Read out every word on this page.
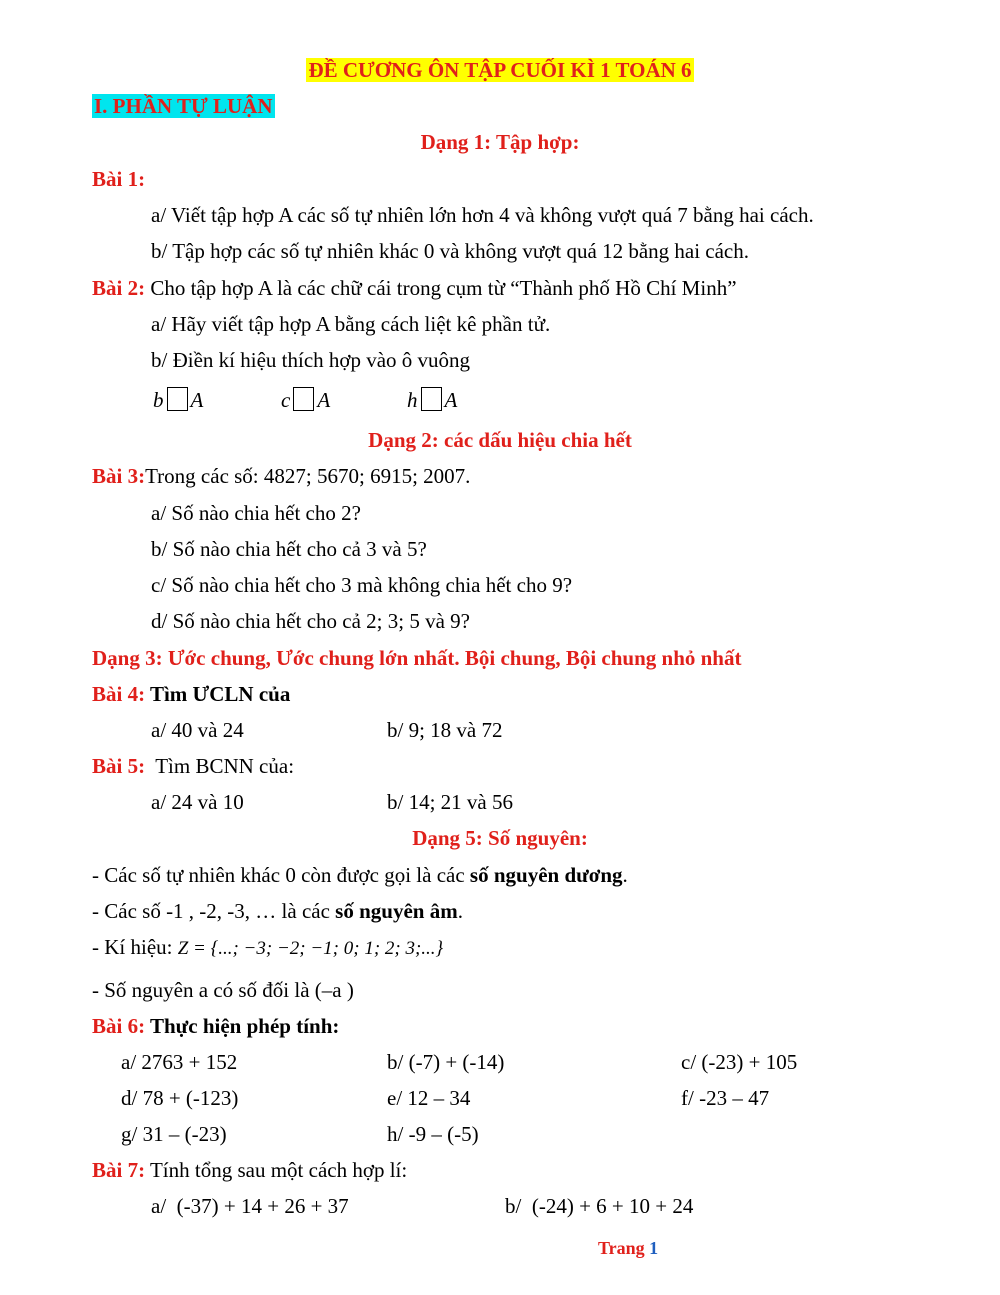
ĐỀ CƯƠNG ÔN TẬP CUỐI KÌ 1 TOÁN 6
I. PHẦN TỰ LUẬN
Dạng 1: Tập hợp:
Bài 1:
a/ Viết tập hợp A các số tự nhiên lớn hơn 4 và không vượt quá 7 bằng hai cách.
b/ Tập hợp các số tự nhiên khác 0 và không vượt quá 12 bằng hai cách.
Bài 2: Cho tập hợp A là các chữ cái trong cụm từ “Thành phố Hồ Chí Minh”
a/ Hãy viết tập hợp A bằng cách liệt kê phần tử.
b/ Điền kí hiệu thích hợp vào ô vuông
b A	c A	h A
Dạng 2: các dấu hiệu chia hết
Bài 3:Trong các số: 4827; 5670; 6915; 2007.
a/ Số nào chia hết cho 2?
b/ Số nào chia hết cho cả 3 và 5?
c/ Số nào chia hết cho 3 mà không chia hết cho 9?
d/ Số nào chia hết cho cả 2; 3; 5 và 9?
Dạng 3: Ước chung, Ước chung lớn nhất. Bội chung, Bội chung nhỏ nhất
Bài 4: Tìm ƯCLN của
a/ 40 và 24	b/ 9; 18 và 72
Bài 5:  Tìm BCNN của:
a/ 24 và 10	b/ 14; 21 và 56
Dạng 5: Số nguyên:
- Các số tự nhiên khác 0 còn được gọi là các số nguyên dương.
- Các số -1 , -2, -3, … là các số nguyên âm.
- Kí hiệu: Z = {...; −3; −2; −1; 0; 1; 2; 3;...}
- Số nguyên a có số đối là (–a )
Bài 6: Thực hiện phép tính:
a/ 2763 + 152	b/ (-7) + (-14)	c/ (-23) + 105
d/ 78 + (-123)	e/ 12 – 34	f/ -23 – 47
g/ 31 – (-23)	h/ -9 – (-5)
Bài 7: Tính tổng sau một cách hợp lí:
a/  (-37) + 14 + 26 + 37	b/  (-24) + 6 + 10 + 24
Trang 1
